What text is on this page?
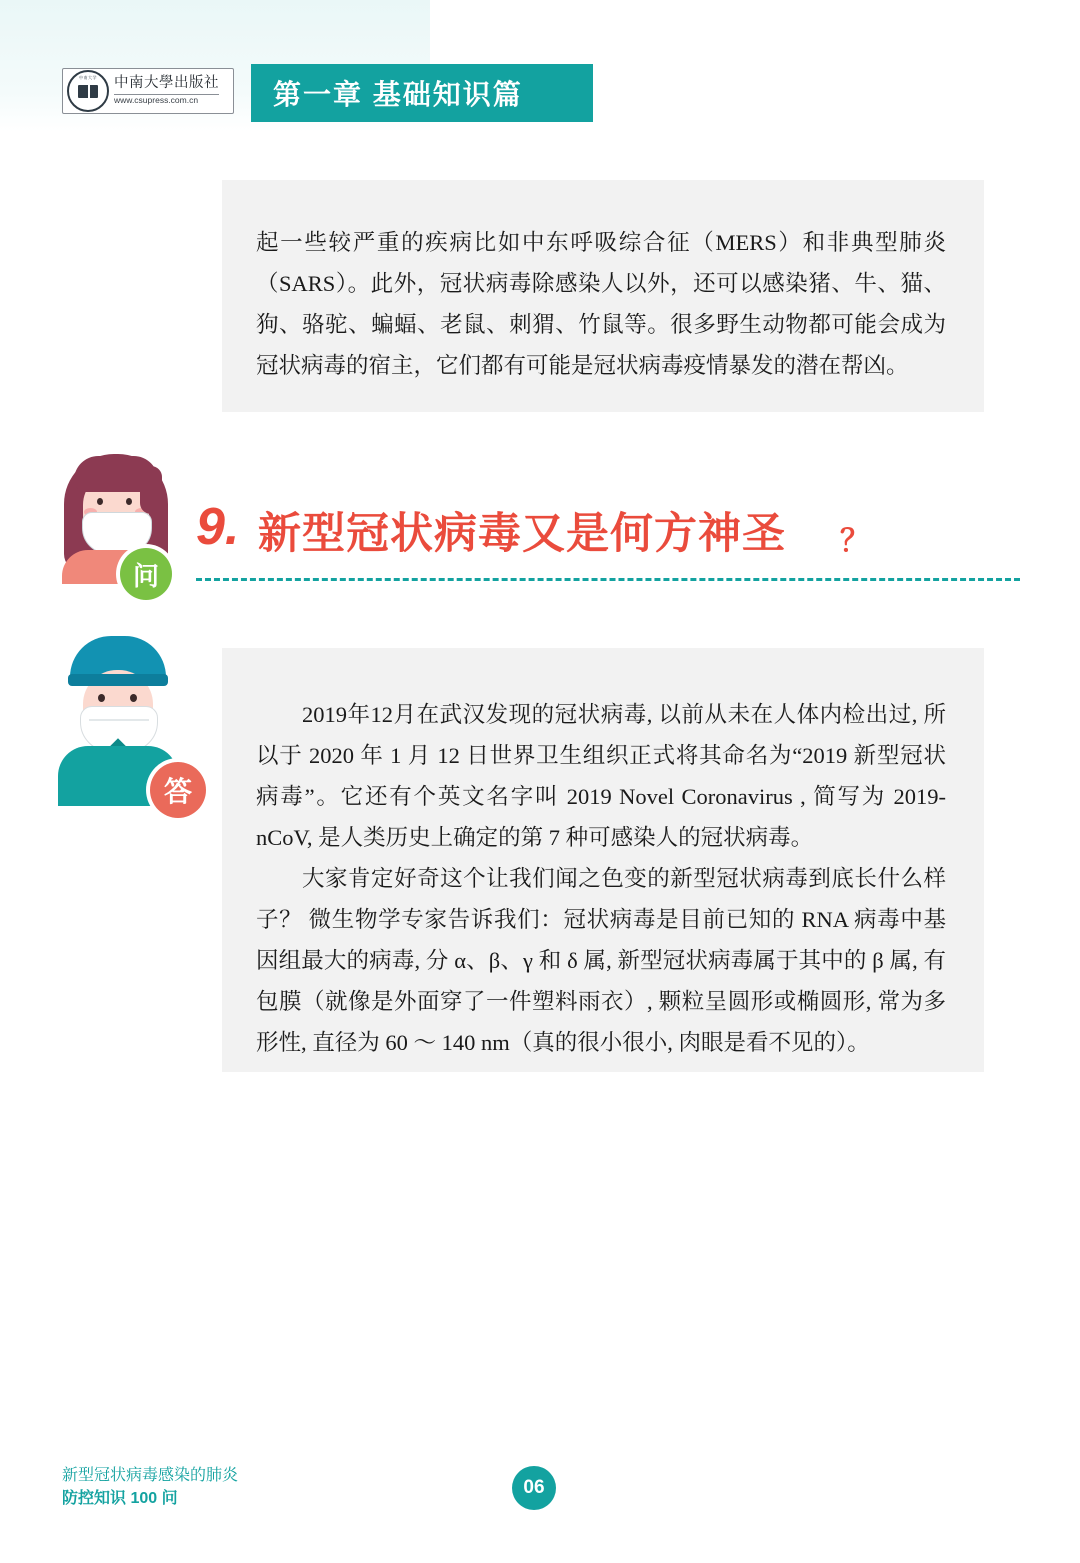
中南大学	中南大學出版社
www.csupress.com.cn	第一章 基础知识篇

起一些较严重的疾病比如中东呼吸综合征（MERS）和非典型肺炎（SARS）。此外，冠状病毒除感染人以外，还可以感染猪、牛、猫、狗、骆驼、蝙蝠、老鼠、刺猬、竹鼠等。很多野生动物都可能会成为冠状病毒的宿主，它们都有可能是冠状病毒疫情暴发的潜在帮凶。

问
9. 新型冠状病毒又是何方神圣 ？
答

2019年12月在武汉发现的冠状病毒, 以前从未在人体内检出过, 所以于 2020 年 1 月 12 日世界卫生组织正式将其命名为“2019 新型冠状病毒”。它还有个英文名字叫 2019 Novel Coronavirus , 简写为 2019-nCoV, 是人类历史上确定的第 7 种可感染人的冠状病毒。

大家肯定好奇这个让我们闻之色变的新型冠状病毒到底长什么样子？ 微生物学专家告诉我们：冠状病毒是目前已知的 RNA 病毒中基因组最大的病毒, 分 α、β、γ 和 δ 属, 新型冠状病毒属于其中的 β 属, 有包膜（就像是外面穿了一件塑料雨衣）, 颗粒呈圆形或椭圆形, 常为多形性, 直径为 60 ～ 140 nm（真的很小很小, 肉眼是看不见的）。

新型冠状病毒感染的肺炎
防控知识 100 问
06
